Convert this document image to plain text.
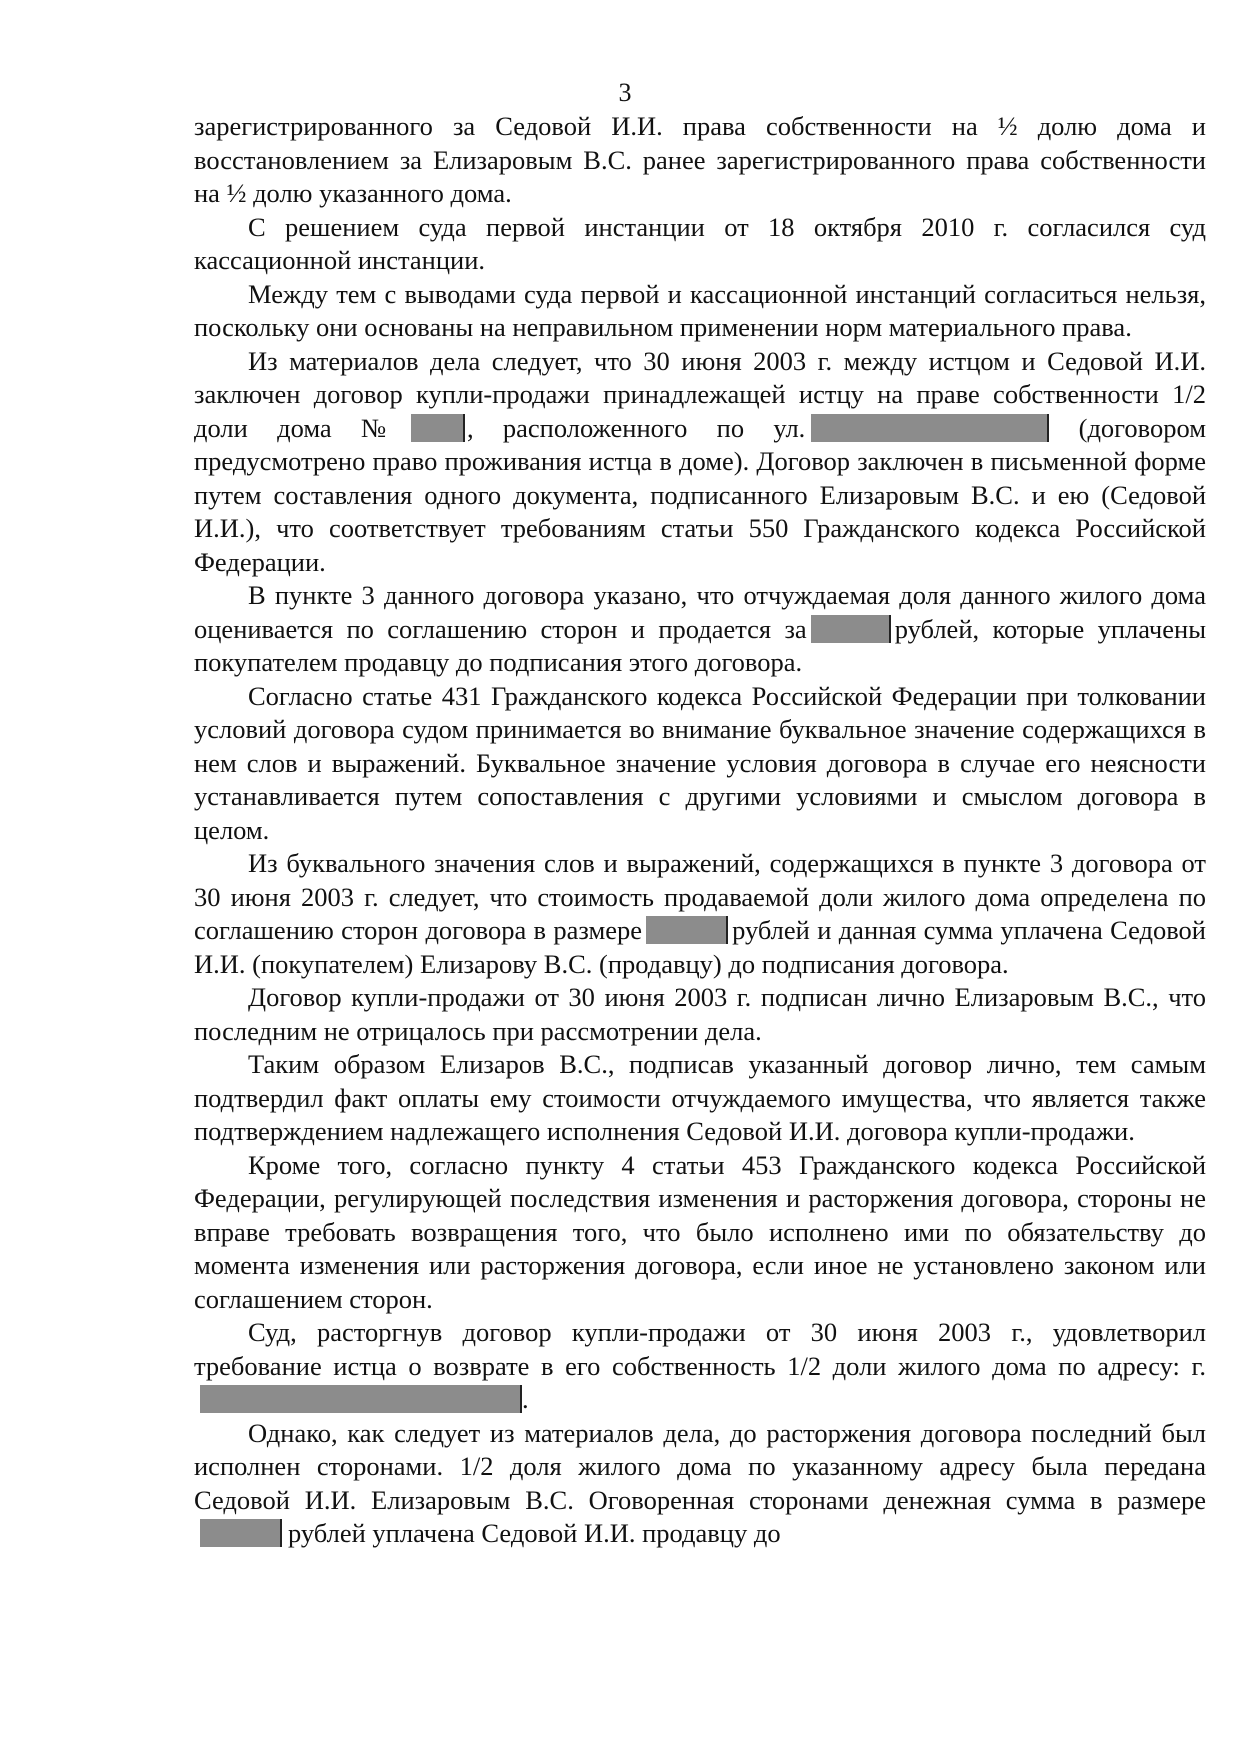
3

зарегистрированного за Седовой И.И. права собственности на ½ долю дома и восстановлением за Елизаровым В.С. ранее зарегистрированного права собственности на ½ долю указанного дома.

С решением суда первой инстанции от 18 октября 2010 г. согласился суд кассационной инстанции.

Между тем с выводами суда первой и кассационной инстанций согласиться нельзя, поскольку они основаны на неправильном применении норм материального права.

Из материалов дела следует, что 30 июня 2003 г. между истцом и Седовой И.И. заключен договор купли-продажи принадлежащей истцу на праве собственности 1/2 доли дома № , расположенного по ул.	(договором предусмотрено право проживания истца в доме). Договор заключен в письменной форме путем составления одного документа, подписанного Елизаровым В.С. и ею (Седовой И.И.), что соответствует требованиям статьи 550 Гражданского кодекса Российской Федерации.

В пункте 3 данного договора указано, что отчуждаемая доля данного жилого дома оценивается по соглашению сторон и продается за	рублей, которые уплачены покупателем продавцу до подписания этого договора.

Согласно статье 431 Гражданского кодекса Российской Федерации при толковании условий договора судом принимается во внимание буквальное значение содержащихся в нем слов и выражений. Буквальное значение условия договора в случае его неясности устанавливается путем сопоставления с другими условиями и смыслом договора в целом.

Из буквального значения слов и выражений, содержащихся в пункте 3 договора от 30 июня 2003 г. следует, что стоимость продаваемой доли жилого дома определена по соглашению сторон договора в размере	рублей и данная сумма уплачена Седовой И.И. (покупателем) Елизарову В.С. (продавцу) до подписания договора.

Договор купли-продажи от 30 июня 2003 г. подписан лично Елизаровым В.С., что последним не отрицалось при рассмотрении дела.

Таким образом Елизаров В.С., подписав указанный договор лично, тем самым подтвердил факт оплаты ему стоимости отчуждаемого имущества, что является также подтверждением надлежащего исполнения Седовой И.И. договора купли-продажи.

Кроме того, согласно пункту 4 статьи 453 Гражданского кодекса Российской Федерации, регулирующей последствия изменения и расторжения договора, стороны не вправе требовать возвращения того, что было исполнено ими по обязательству до момента изменения или расторжения договора, если иное не установлено законом или соглашением сторон.

Суд, расторгнув договор купли-продажи от 30 июня 2003 г., удовлетворил требование истца о возврате в его собственность 1/2 доли жилого дома по адресу: г..

Однако, как следует из материалов дела, до расторжения договора последний был исполнен сторонами. 1/2 доля жилого дома по указанному адресу была передана Седовой И.И. Елизаровым В.С. Оговоренная сторонами денежная сумма в размерерублей уплачена Седовой И.И. продавцу до
